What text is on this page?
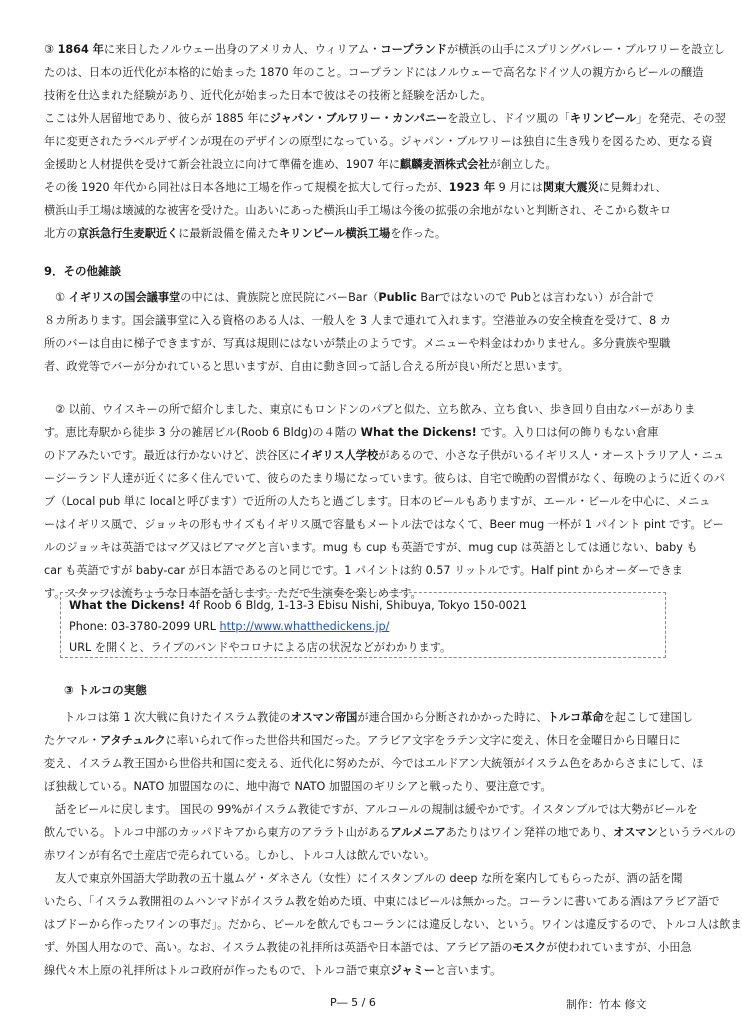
③ 1864 年に来日したノルウェー出身のアメリカ人、ウィリアム・コープランドが横浜の山手にスプリングバレー・ブルワリーを設立し
たのは、日本の近代化が本格的に始まった 1870 年のこと。コープランドにはノルウェーで高名なドイツ人の親方からビールの醸造
技術を仕込まれた経験があり、近代化が始まった日本で彼はその技術と経験を活かした。
ここは外人居留地であり、彼らが 1885 年にジャパン・ブルワリー・カンパニーを設立し、ドイツ風の「キリンビール」を発売、その翌
年に変更されたラベルデザインが現在のデザインの原型になっている。ジャパン・ブルワリーは独自に生き残りを図るため、更なる資
金援助と人材提供を受けて新会社設立に向けて準備を進め、1907 年に麒麟麦酒株式会社が創立した。
その後 1920 年代から同社は日本各地に工場を作って規模を拡大して行ったが、1923 年 9 月には関東大震災に見舞われ、
横浜山手工場は壊滅的な被害を受けた。山あいにあった横浜山手工場は今後の拡張の余地がないと判断され、そこから数キロ
北方の京浜急行生麦駅近くに最新設備を備えたキリンビール横浜工場を作った。
9．その他雑談
① イギリスの国会議事堂の中には、貴族院と庶民院にバーBar（Public Barではないので Pubとは言わない）が合計で
８カ所あります。国会議事堂に入る資格のある人は、一般人を 3 人まで連れて入れます。空港並みの安全検査を受けて、8 カ
所のバーは自由に梯子できますが、写真は規則にはないが禁止のようです。メニューや料金はわかりません。多分貴族や聖職
者、政党等でバーが分かれていると思いますが、自由に動き回って話し合える所が良い所だと思います。
② 以前、ウイスキーの所で紹介しました、東京にもロンドンのパブと似た、立ち飲み、立ち食い、歩き回り自由なバーがありま
す。恵比寿駅から徒歩 3 分の雑居ビル(Roob 6 Bldg)の４階の What the Dickens! です。入り口は何の飾りもない倉庫
のドアみたいです。最近は行かないけど、渋谷区にイギリス人学校があるので、小さな子供がいるイギリス人・オーストラリア人・ニュ
ージーランド人達が近くに多く住んでいて、彼らのたまり場になっています。彼らは、自宅で晩酌の習慣がなく、毎晩のように近くのパ
ブ（Local pub 単に localと呼びます）で近所の人たちと過ごします。日本のビールもありますが、エール・ビールを中心に、メニュ
ーはイギリス風で、ジョッキの形もサイズもイギリス風で容量もメートル法ではなくて、Beer mug 一杯が 1 パイント pint です。ビー
ルのジョッキは英語ではマグ又はビアマグと言います。mug も cup も英語ですが、mug cup は英語としては通じない、baby も
car も英語ですが baby-car が日本語であるのと同じです。1 パイントは約 0.57 リットルです。Half pint からオーダーできま
す。スタッフは流ちょうな日本語を話します。ただで生演奏を楽しめます。
What the Dickens! 4f Roob 6 Bldg, 1-13-3 Ebisu Nishi, Shibuya, Tokyo 150-0021
Phone: 03-3780-2099 URL http://www.whatthedickens.jp/
URL を開くと、ライブのバンドやコロナによる店の状況などがわかります。
③ トルコの実態
トルコは第 1 次大戦に負けたイスラム教徒のオスマン帝国が連合国から分断されかかった時に、トルコ革命を起こして建国し
たケマル・アタチュルクに率いられて作った世俗共和国だった。アラビア文字をラテン文字に変え、休日を金曜日から日曜日に
変え、イスラム教王国から世俗共和国に変える、近代化に努めたが、今ではエルドアン大統領がイスラム色をあからさまにして、ほ
ぼ独裁している。NATO 加盟国なのに、地中海で NATO 加盟国のギリシアと戦ったり、要注意です。
話をビールに戻します。 国民の 99%がイスラム教徒ですが、アルコールの規制は緩やかです。イスタンブルでは大勢がビールを
飲んでいる。トルコ中部のカッパドキアから東方のアララト山があるアルメニアあたりはワイン発祥の地であり、オスマンというラベルの
赤ワインが有名で土産店で売られている。しかし、トルコ人は飲んでいない。
友人で東京外国語大学助教の五十嵐ムゲ・ダネさん（女性）にイスタンブルの deep な所を案内してもらったが、酒の話を聞
いたら、「イスラム教開祖のムハンマドがイスラム教を始めた頃、中東にはビールは無かった。コーランに書いてある酒はアラビア語で
はブドーから作ったワインの事だ」。だから、ビールを飲んでもコーランには違反しない、という。ワインは違反するので、トルコ人は飲ま
ず、外国人用なので、高い。なお、イスラム教徒の礼拝所は英語や日本語では、アラビア語のモスクが使われていますが、小田急
線代々木上原の礼拝所はトルコ政府が作ったもので、トルコ語で東京ジャミーと言います。
P― 5 / 6	制作：竹本 修文
